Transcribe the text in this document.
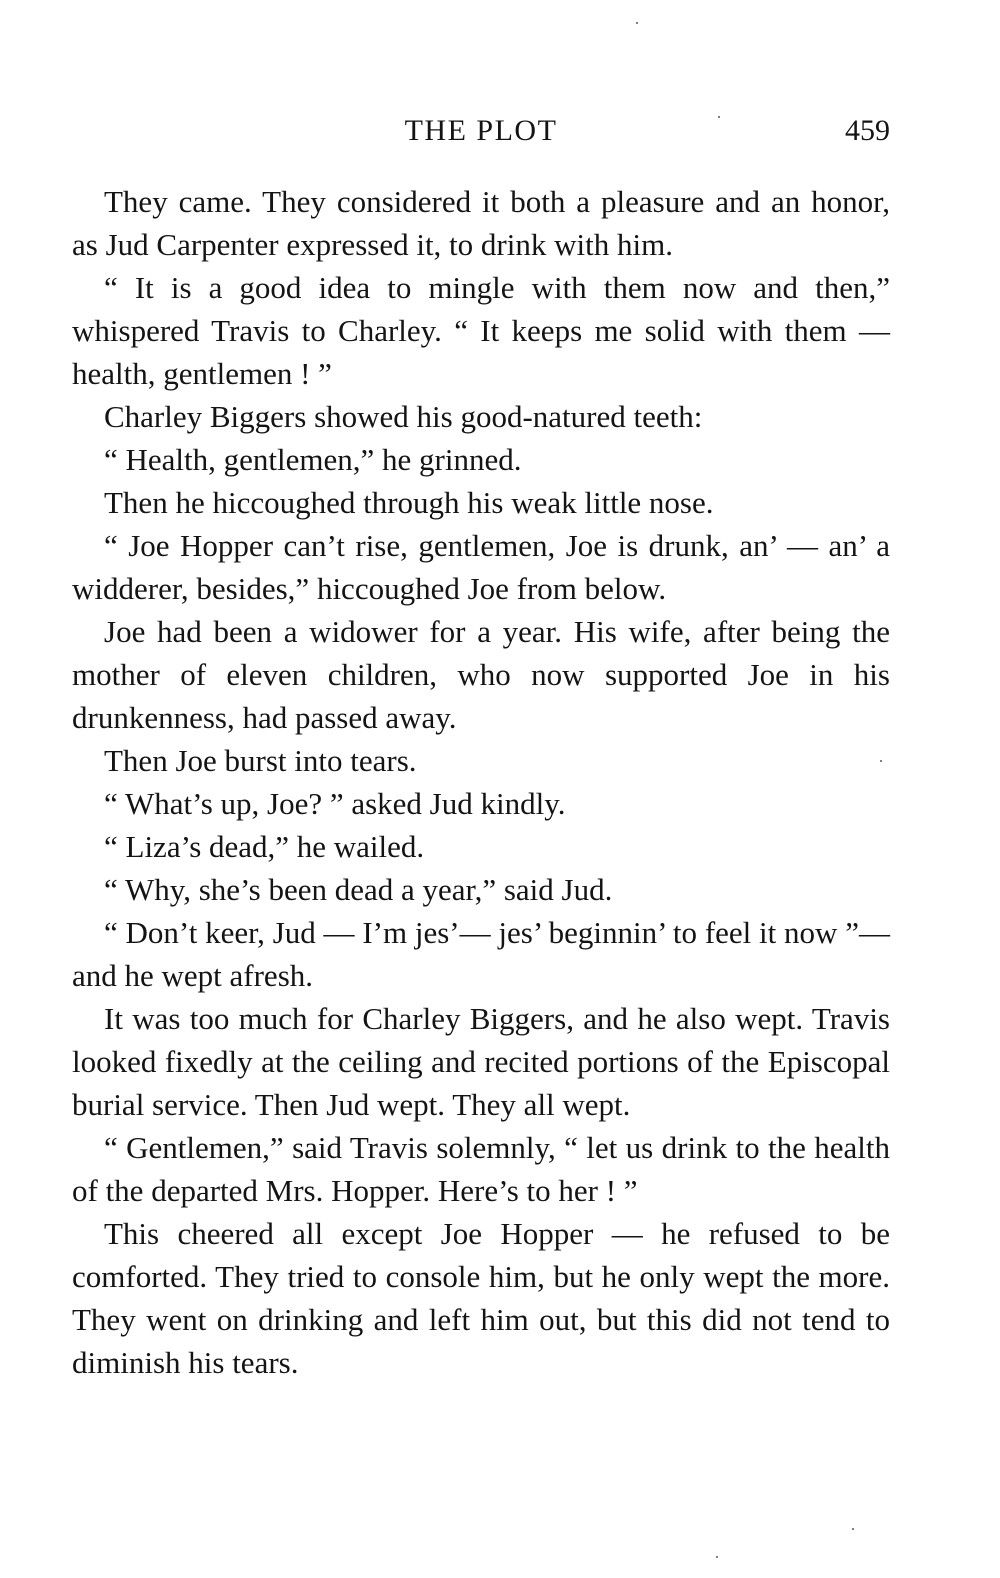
THE PLOT	459

They came. They considered it both a pleasure and an honor, as Jud Carpenter expressed it, to drink with him.

“ It is a good idea to mingle with them now and then,” whispered Travis to Charley. “ It keeps me solid with them — health, gentlemen ! ”

Charley Biggers showed his good-natured teeth:

“ Health, gentlemen,” he grinned.

Then he hiccoughed through his weak little nose.

“ Joe Hopper can’t rise, gentlemen, Joe is drunk, an’ — an’ a widderer, besides,” hiccoughed Joe from below.

Joe had been a widower for a year. His wife, after being the mother of eleven children, who now supported Joe in his drunkenness, had passed away.

Then Joe burst into tears.

“ What’s up, Joe? ” asked Jud kindly.

“ Liza’s dead,” he wailed.

“ Why, she’s been dead a year,” said Jud.

“ Don’t keer, Jud — I’m jes’— jes’ beginnin’ to feel it now ”— and he wept afresh.

It was too much for Charley Biggers, and he also wept. Travis looked fixedly at the ceiling and recited portions of the Episcopal burial service. Then Jud wept. They all wept.

“ Gentlemen,” said Travis solemnly, “ let us drink to the health of the departed Mrs. Hopper. Here’s to her ! ”

This cheered all except Joe Hopper — he refused to be comforted. They tried to console him, but he only wept the more. They went on drinking and left him out, but this did not tend to diminish his tears.
